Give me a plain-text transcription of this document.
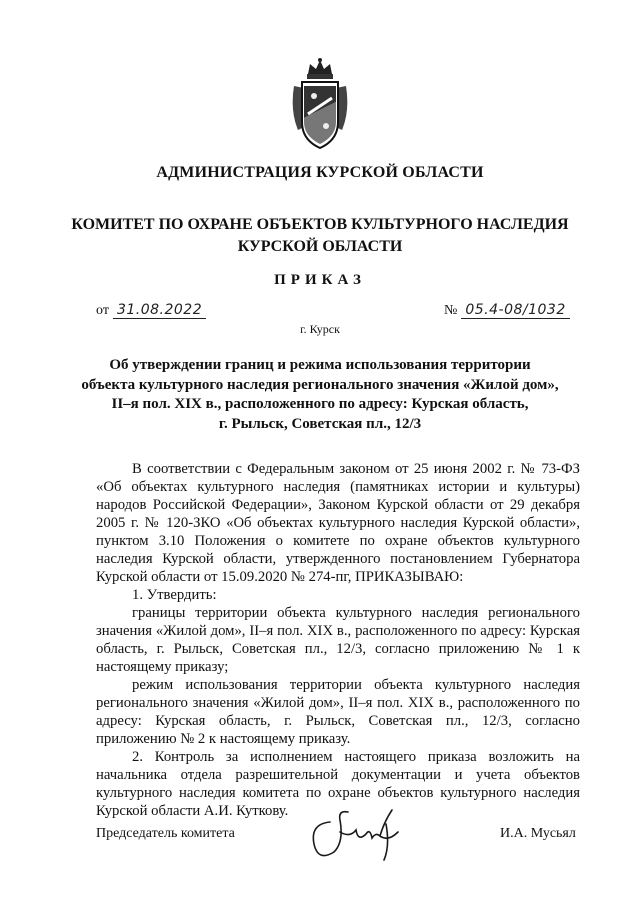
АДМИНИСТРАЦИЯ КУРСКОЙ ОБЛАСТИ
КОМИТЕТ ПО ОХРАНЕ ОБЪЕКТОВ КУЛЬТУРНОГО НАСЛЕДИЯ
КУРСКОЙ ОБЛАСТИ
ПРИКАЗ
от 31.08.2022	№ 05.4-08/1032
г. Курск
Об утверждении границ и режима использования территории
объекта культурного наследия регионального значения «Жилой дом»,
II–я пол. XIX в., расположенного по адресу: Курская область,
г. Рыльск, Советская пл., 12/3

В соответствии с Федеральным законом от 25 июня 2002 г. № 73-ФЗ «Об объектах культурного наследия (памятниках истории и культуры) народов Российской Федерации», Законом Курской области от 29 декабря 2005 г. № 120-ЗКО «Об объектах культурного наследия Курской области», пунктом 3.10 Положения о комитете по охране объектов культурного наследия Курской области, утвержденного постановлением Губернатора Курской области от 15.09.2020 № 274-пг, ПРИКАЗЫВАЮ:

1. Утвердить:

границы территории объекта культурного наследия регионального значения «Жилой дом», II–я пол. XIX в., расположенного по адресу: Курская область, г. Рыльск, Советская пл., 12/3, согласно приложению № 1 к настоящему приказу;

режим использования территории объекта культурного наследия регионального значения «Жилой дом», II–я пол. XIX в., расположенного по адресу: Курская область, г. Рыльск, Советская пл., 12/3, согласно приложению № 2 к настоящему приказу.

2. Контроль за исполнением настоящего приказа возложить на начальника отдела разрешительной документации и учета объектов культурного наследия комитета по охране объектов культурного наследия Курской области А.И. Куткову.

Председатель комитета	И.А. Мусьял
